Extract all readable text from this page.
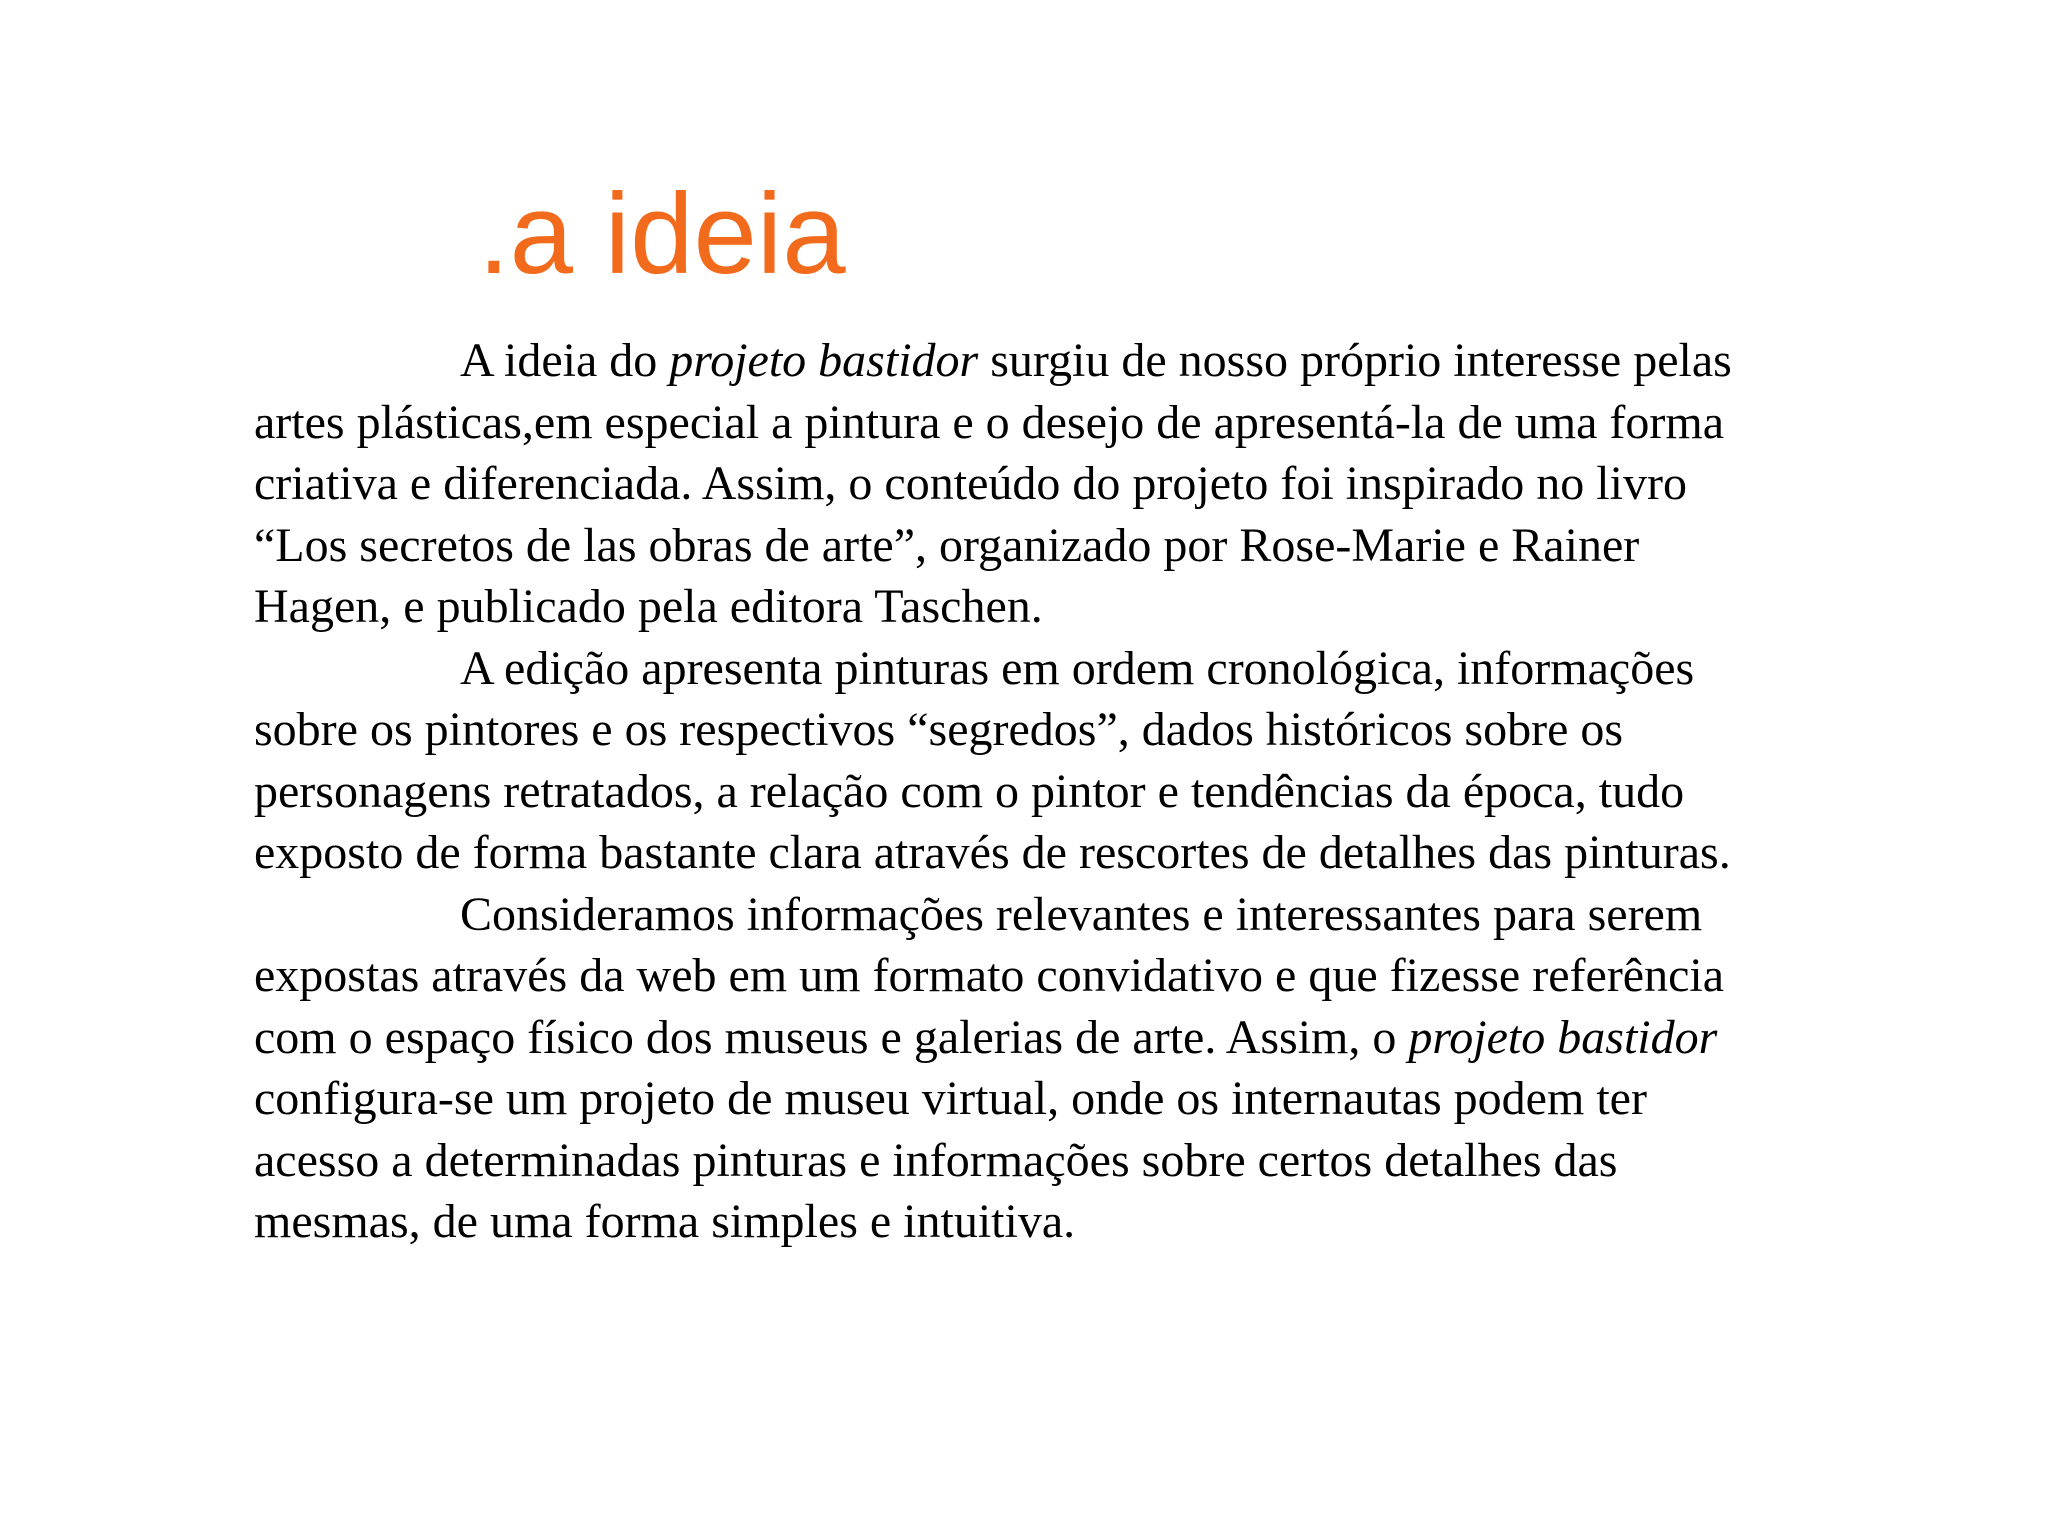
.a ideia
A ideia do projeto bastidor surgiu de nosso próprio interesse pelas
artes plásticas,em especial a pintura e o desejo de apresentá-la de uma forma
criativa e diferenciada. Assim, o conteúdo do projeto foi inspirado no livro
“Los secretos de las obras de arte”, organizado por Rose-Marie e Rainer
Hagen, e publicado pela editora Taschen.
A edição apresenta pinturas em ordem cronológica, informações
sobre os pintores e os respectivos “segredos”, dados históricos sobre os
personagens retratados, a relação com o pintor e tendências da época, tudo
exposto de forma bastante clara através de rescortes de detalhes das pinturas.
Consideramos informações relevantes e interessantes para serem
expostas através da web em um formato convidativo e que fizesse referência
com o espaço físico dos museus e galerias de arte. Assim, o projeto bastidor
configura-se um projeto de museu virtual, onde os internautas podem ter
acesso a determinadas pinturas e informações sobre certos detalhes das
mesmas, de uma forma simples e intuitiva.
